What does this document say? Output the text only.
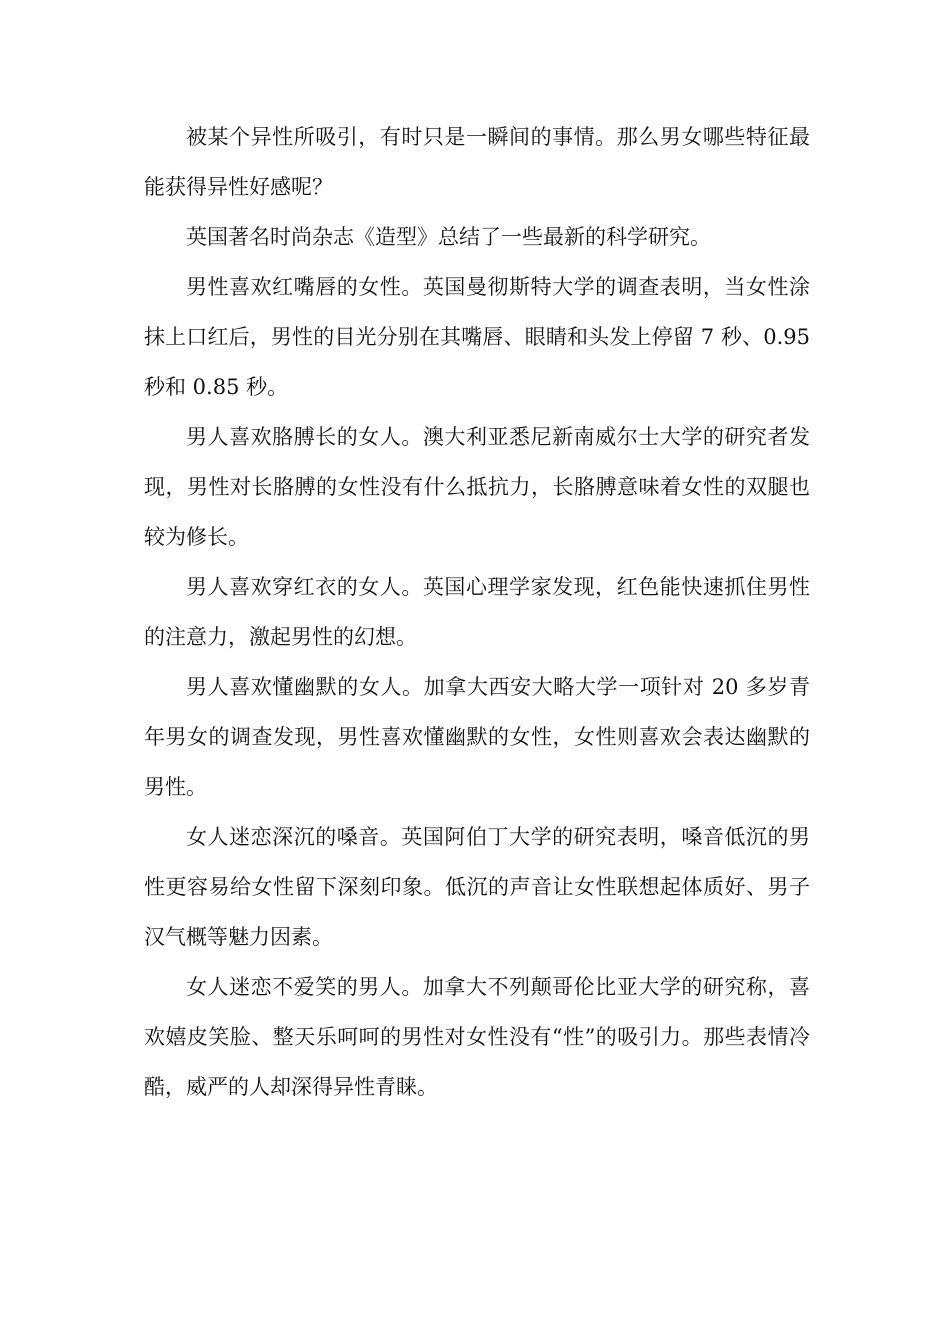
被某个异性所吸引，有时只是一瞬间的事情。那么男女哪些特征最能获得异性好感呢？

英国著名时尚杂志《造型》总结了一些最新的科学研究。

男性喜欢红嘴唇的女性。英国曼彻斯特大学的调查表明，当女性涂抹上口红后，男性的目光分别在其嘴唇、眼睛和头发上停留 7 秒、0.95 秒和 0.85 秒。

男人喜欢胳膊长的女人。澳大利亚悉尼新南威尔士大学的研究者发现，男性对长胳膊的女性没有什么抵抗力，长胳膊意味着女性的双腿也较为修长。

男人喜欢穿红衣的女人。英国心理学家发现，红色能快速抓住男性的注意力，激起男性的幻想。

男人喜欢懂幽默的女人。加拿大西安大略大学一项针对 20 多岁青年男女的调查发现，男性喜欢懂幽默的女性，女性则喜欢会表达幽默的男性。

女人迷恋深沉的嗓音。英国阿伯丁大学的研究表明，嗓音低沉的男性更容易给女性留下深刻印象。低沉的声音让女性联想起体质好、男子汉气概等魅力因素。

女人迷恋不爱笑的男人。加拿大不列颠哥伦比亚大学的研究称，喜欢嬉皮笑脸、整天乐呵呵的男性对女性没有“性”的吸引力。那些表情冷酷，威严的人却深得异性青睐。
